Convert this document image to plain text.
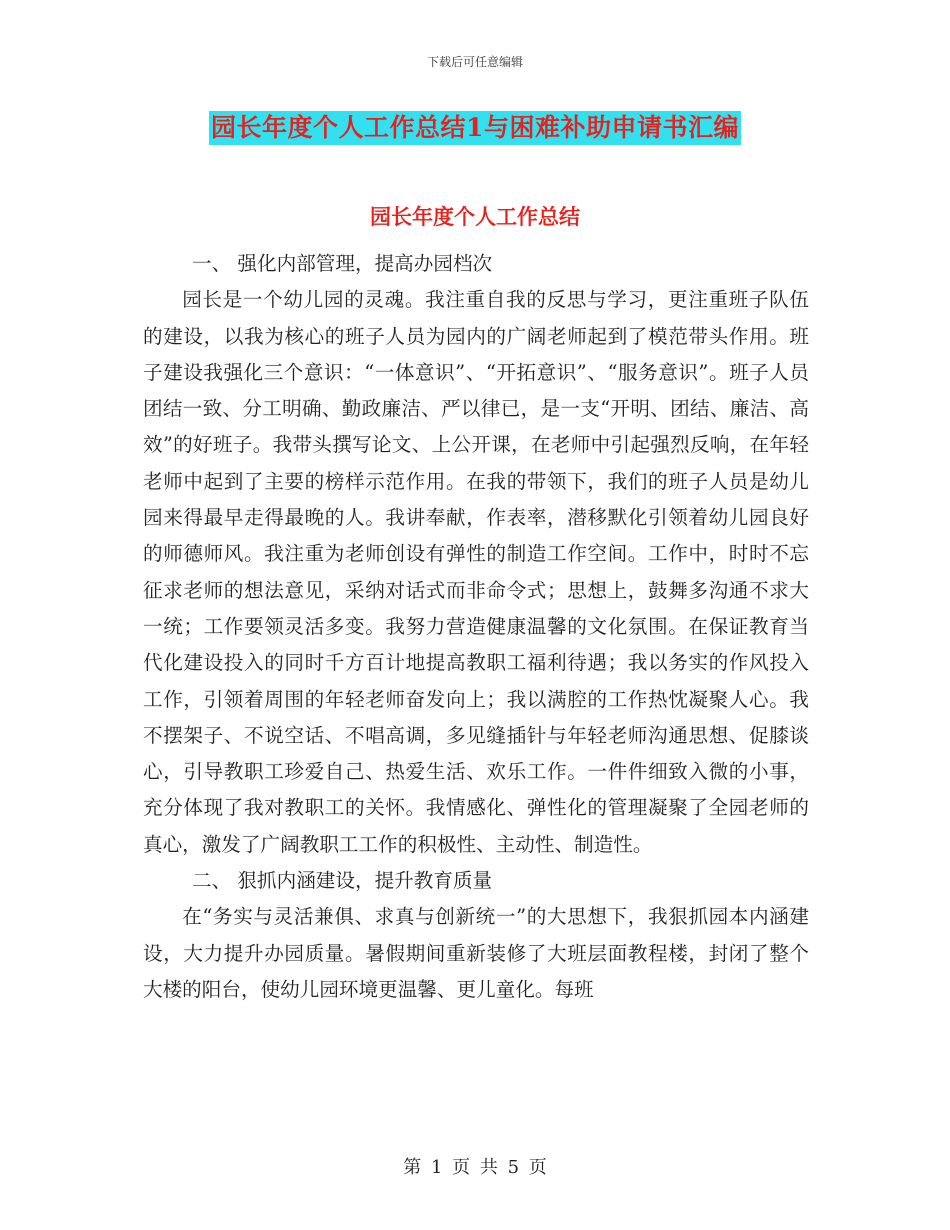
下载后可任意编辑
园长年度个人工作总结1与困难补助申请书汇编
园长年度个人工作总结

一、 强化内部管理，提高办园档次

园长是一个幼儿园的灵魂。我注重自我的反思与学习，更注重班子队伍的建设，以我为核心的班子人员为园内的广阔老师起到了模范带头作用。班子建设我强化三个意识：“一体意识”、“开拓意识”、“服务意识”。班子人员团结一致、分工明确、勤政廉洁、严以律已，是一支“开明、团结、廉洁、高效”的好班子。我带头撰写论文、上公开课，在老师中引起强烈反响，在年轻老师中起到了主要的榜样示范作用。在我的带领下，我们的班子人员是幼儿园来得最早走得最晚的人。我讲奉献，作表率，潜移默化引领着幼儿园良好的师德师风。我注重为老师创设有弹性的制造工作空间。工作中，时时不忘征求老师的想法意见，采纳对话式而非命令式；思想上，鼓舞多沟通不求大一统；工作要领灵活多变。我努力营造健康温馨的文化氛围。在保证教育当代化建设投入的同时千方百计地提高教职工福利待遇；我以务实的作风投入工作，引领着周围的年轻老师奋发向上；我以满腔的工作热忱凝聚人心。我不摆架子、不说空话、不唱高调，多见缝插针与年轻老师沟通思想、促膝谈心，引导教职工珍爱自己、热爱生活、欢乐工作。一件件细致入微的小事，充分体现了我对教职工的关怀。我情感化、弹性化的管理凝聚了全园老师的真心，激发了广阔教职工工作的积极性、主动性、制造性。

二、 狠抓内涵建设，提升教育质量

在“务实与灵活兼俱、求真与创新统一”的大思想下，我狠抓园本内涵建设，大力提升办园质量。暑假期间重新装修了大班层面教程楼，封闭了整个大楼的阳台，使幼儿园环境更温馨、更儿童化。每班

第 1 页 共 5 页
